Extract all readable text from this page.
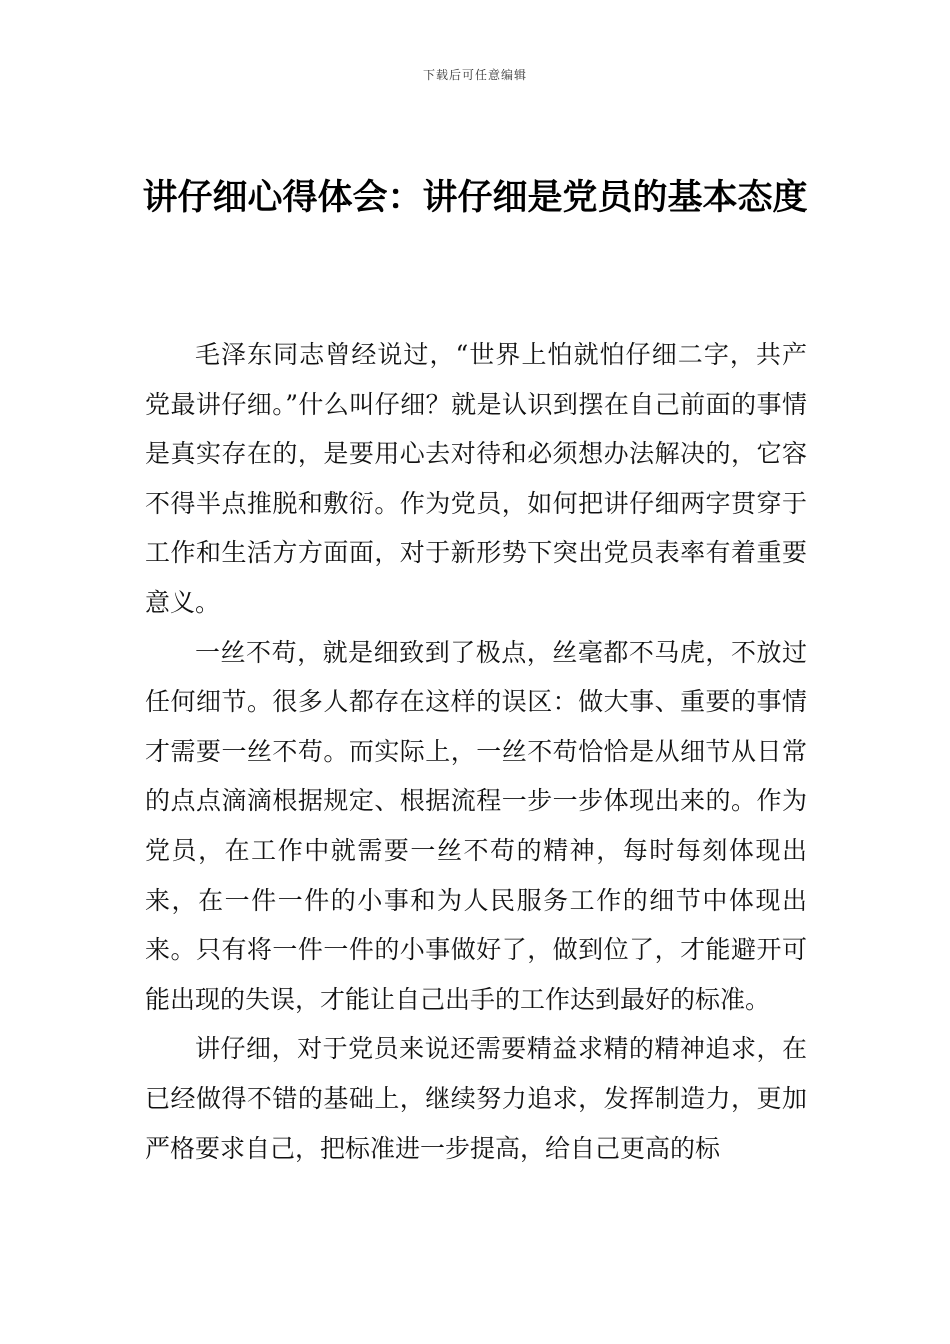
下载后可任意编辑
讲仔细心得体会：讲仔细是党员的基本态度

毛泽东同志曾经说过，“世界上怕就怕仔细二字，共产党最讲仔细。”什么叫仔细？就是认识到摆在自己前面的事情是真实存在的，是要用心去对待和必须想办法解决的，它容不得半点推脱和敷衍。作为党员，如何把讲仔细两字贯穿于工作和生活方方面面，对于新形势下突出党员表率有着重要意义。

一丝不苟，就是细致到了极点，丝毫都不马虎，不放过任何细节。很多人都存在这样的误区：做大事、重要的事情才需要一丝不苟。而实际上，一丝不苟恰恰是从细节从日常的点点滴滴根据规定、根据流程一步一步体现出来的。作为党员，在工作中就需要一丝不苟的精神，每时每刻体现出来，在一件一件的小事和为人民服务工作的细节中体现出来。只有将一件一件的小事做好了，做到位了，才能避开可能出现的失误，才能让自己出手的工作达到最好的标准。

讲仔细，对于党员来说还需要精益求精的精神追求，在已经做得不错的基础上，继续努力追求，发挥制造力，更加严格要求自己，把标准进一步提高，给自己更高的标
